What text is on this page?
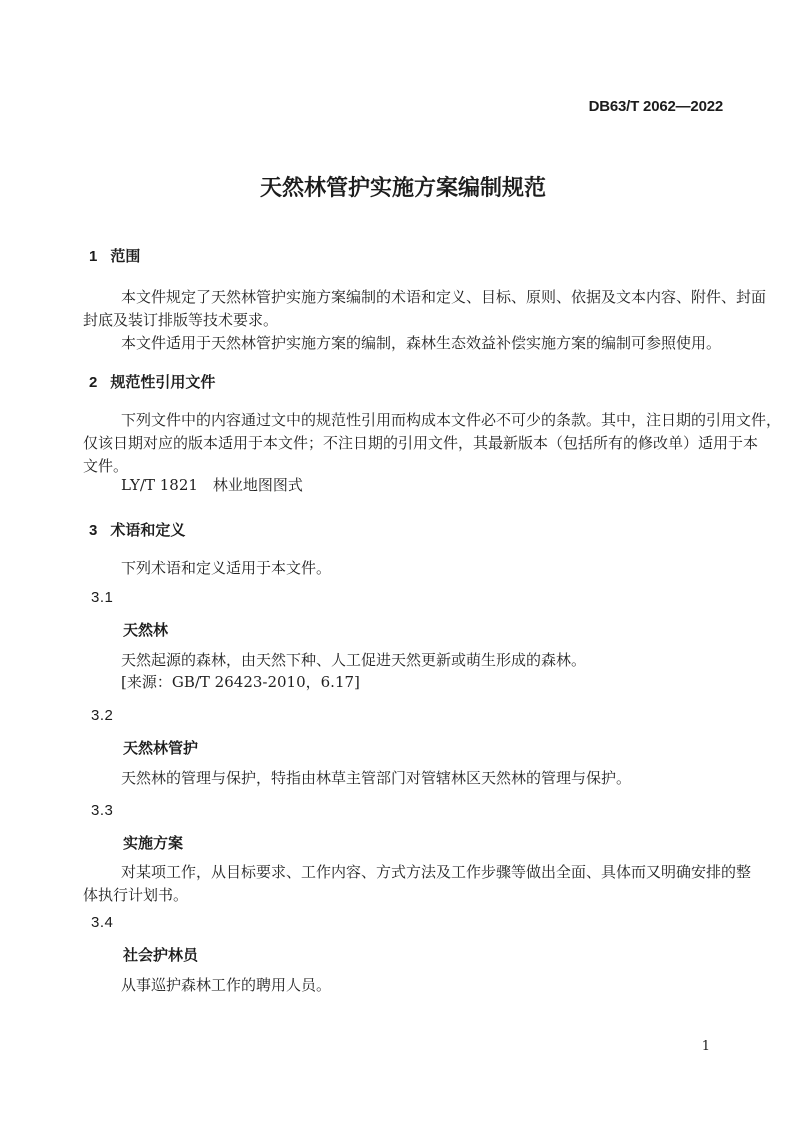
DB63/T 2062—2022
天然林管护实施方案编制规范
1 范围
本文件规定了天然林管护实施方案编制的术语和定义、目标、原则、依据及文本内容、附件、封面
封底及装订排版等技术要求。
本文件适用于天然林管护实施方案的编制，森林生态效益补偿实施方案的编制可参照使用。
2 规范性引用文件
下列文件中的内容通过文中的规范性引用而构成本文件必不可少的条款。其中，注日期的引用文件，
仅该日期对应的版本适用于本文件；不注日期的引用文件，其最新版本（包括所有的修改单）适用于本
文件。
LY/T 1821　林业地图图式
3 术语和定义
下列术语和定义适用于本文件。
3.1
天然林
天然起源的森林，由天然下种、人工促进天然更新或萌生形成的森林。
[来源：GB/T 26423-2010，6.17]
3.2
天然林管护
天然林的管理与保护，特指由林草主管部门对管辖林区天然林的管理与保护。
3.3
实施方案
对某项工作，从目标要求、工作内容、方式方法及工作步骤等做出全面、具体而又明确安排的整
体执行计划书。
3.4
社会护林员
从事巡护森林工作的聘用人员。
1
